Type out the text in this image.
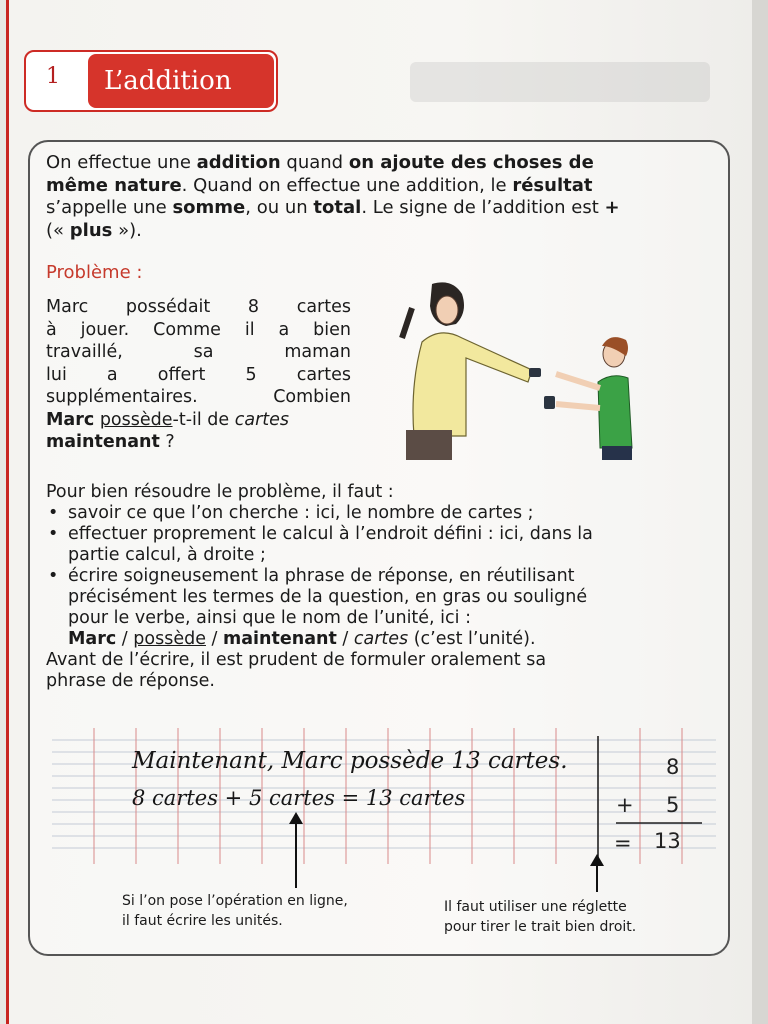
1	L’addition
On effectue une addition quand on ajoute des choses de
même nature. Quand on effectue une addition, le résultat
s’appelle une somme, ou un total. Le signe de l’addition est +
(« plus »).
Problème :
Marc possédait 8 cartes
à jouer. Comme il a bien
travaillé, sa maman
lui a offert 5 cartes
supplémentaires. Combien
Marc possède-t-il de cartes
maintenant ?
Pour bien résoudre le problème, il faut :
• savoir ce que l’on cherche : ici, le nombre de cartes ;
• effectuer proprement le calcul à l’endroit défini : ici, dans la
partie calcul, à droite ;
• écrire soigneusement la phrase de réponse, en réutilisant
précisément les termes de la question, en gras ou souligné
pour le verbe, ainsi que le nom de l’unité, ici :
Marc / possède / maintenant / cartes (c’est l’unité).
Avant de l’écrire, il est prudent de formuler oralement sa
phrase de réponse.
Maintenant, Marc possède 13 cartes.
8 cartes + 5 cartes = 13 cartes
8
+ 5
= 13
Si l’on pose l’opération en ligne,
il faut écrire les unités.
Il faut utiliser une réglette
pour tirer le trait bien droit.
